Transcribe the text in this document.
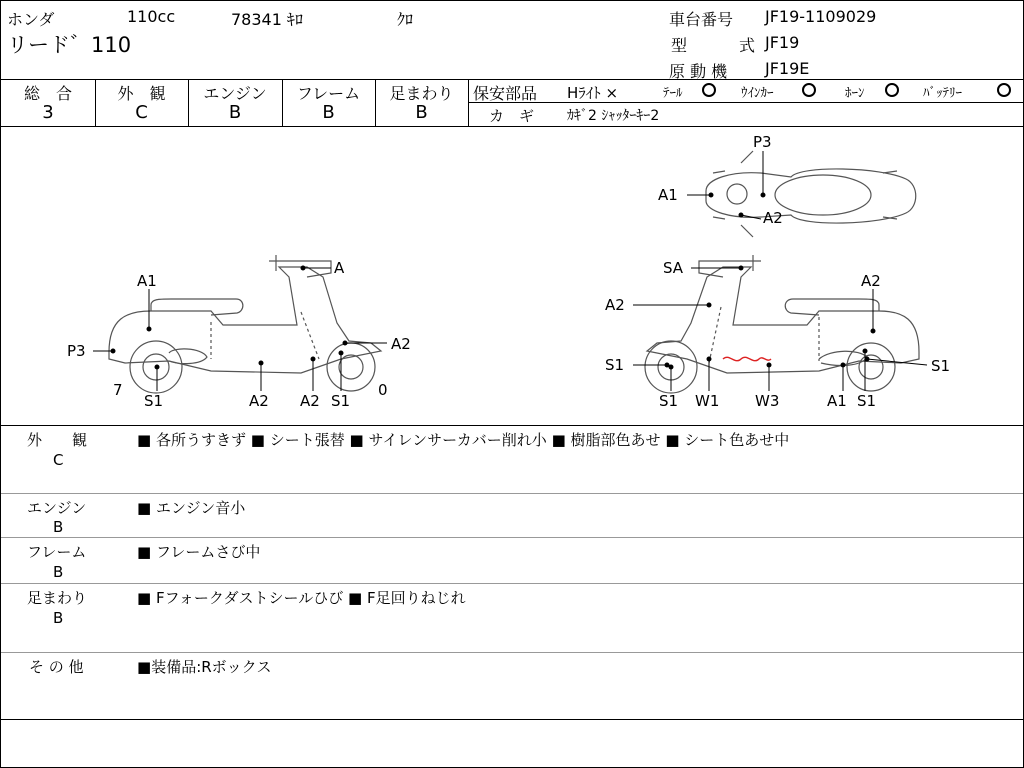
ホンダ	110cc	78341 ｷﾛ	ｸﾛ
リード゛110
車台番号 JF19-1109029
型	式 JF19
原 動 機 JF19E
総　合
3
外　観
C
エンジン
B
フレーム
B
足まわり
B
保安部品 Hﾗｲﾄ ×	ﾃｰﾙ	ｳｲﾝｶｰ	ﾎｰﾝ	ﾊﾞｯﾃﾘｰ
カ　ギ ｶｷﾞ2 ｼｬｯﾀｰｷｰ2
A1
A
P3	A2
7	0
S1	A2 A2 S1
P3
A1
A2
SA
A2
A2
S1	S1
S1 W1 W3	A1 S1
外　　観
C
■ 各所うすきず ■ シート張替 ■ サイレンサーカバー削れ小 ■ 樹脂部色あせ ■ シート色あせ中
エンジン
B
■ エンジン音小
フレーム
B
■ フレームさび中
足まわり
B
■ Fフォークダストシールひび ■ F足回りねじれ
そ の 他	■装備品:Rボックス
